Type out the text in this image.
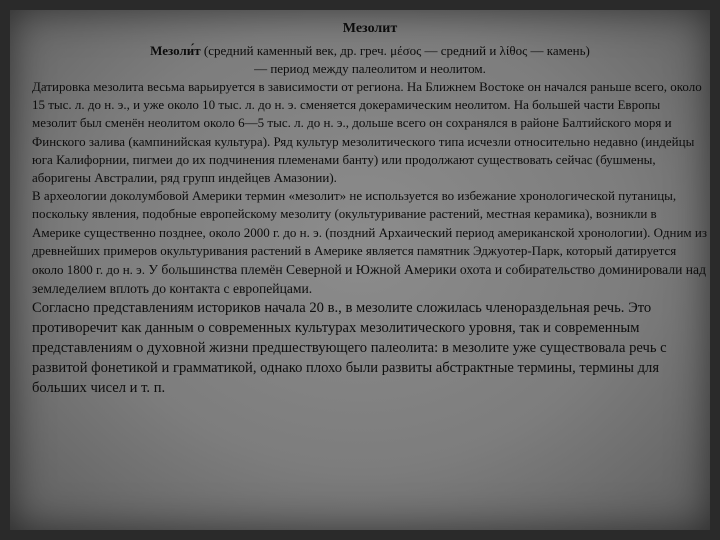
Мезолит

Мезоли́т (средний каменный век, др. греч. μέσος — средний и λίθος — камень)
— период между палеолитом и неолитом.

Датировка мезолита весьма варьируется в зависимости от региона. На Ближнем Востоке он начался раньше всего, около 15 тыс. л. до н. э., и уже около 10 тыс. л. до н. э. сменяется докерамическим неолитом. На большей части Европы мезолит был сменён неолитом около 6—5 тыс. л. до н. э., дольше всего он сохранялся в районе Балтийского моря и Финского залива (кампинийская культура). Ряд культур мезолитического типа исчезли относительно недавно (индейцы юга Калифорнии, пигмеи до их подчинения племенами банту) или продолжают существовать сейчас (бушмены, аборигены Австралии, ряд групп индейцев Амазонии).

В археологии доколумбовой Америки термин «мезолит» не используется во избежание хронологической путаницы, поскольку явления, подобные европейскому мезолиту (окультуривание растений, местная керамика), возникли в Америке существенно позднее, около 2000 г. до н. э. (поздний Архаический период американской хронологии). Одним из древнейших примеров окультуривания растений в Америке является памятник Эджуотер-Парк, который датируется около 1800 г. до н. э. У большинства племён Северной и Южной Америки охота и собирательство доминировали над земледелием вплоть до контакта с европейцами.

Согласно представлениям историков начала 20 в., в мезолите сложилась членораздельная речь. Это противоречит как данным о современных культурах мезолитического уровня, так и современным представлениям о духовной жизни предшествующего палеолита: в мезолите уже существовала речь с развитой фонетикой и грамматикой, однако плохо были развиты абстрактные термины, термины для больших чисел и т. п.
